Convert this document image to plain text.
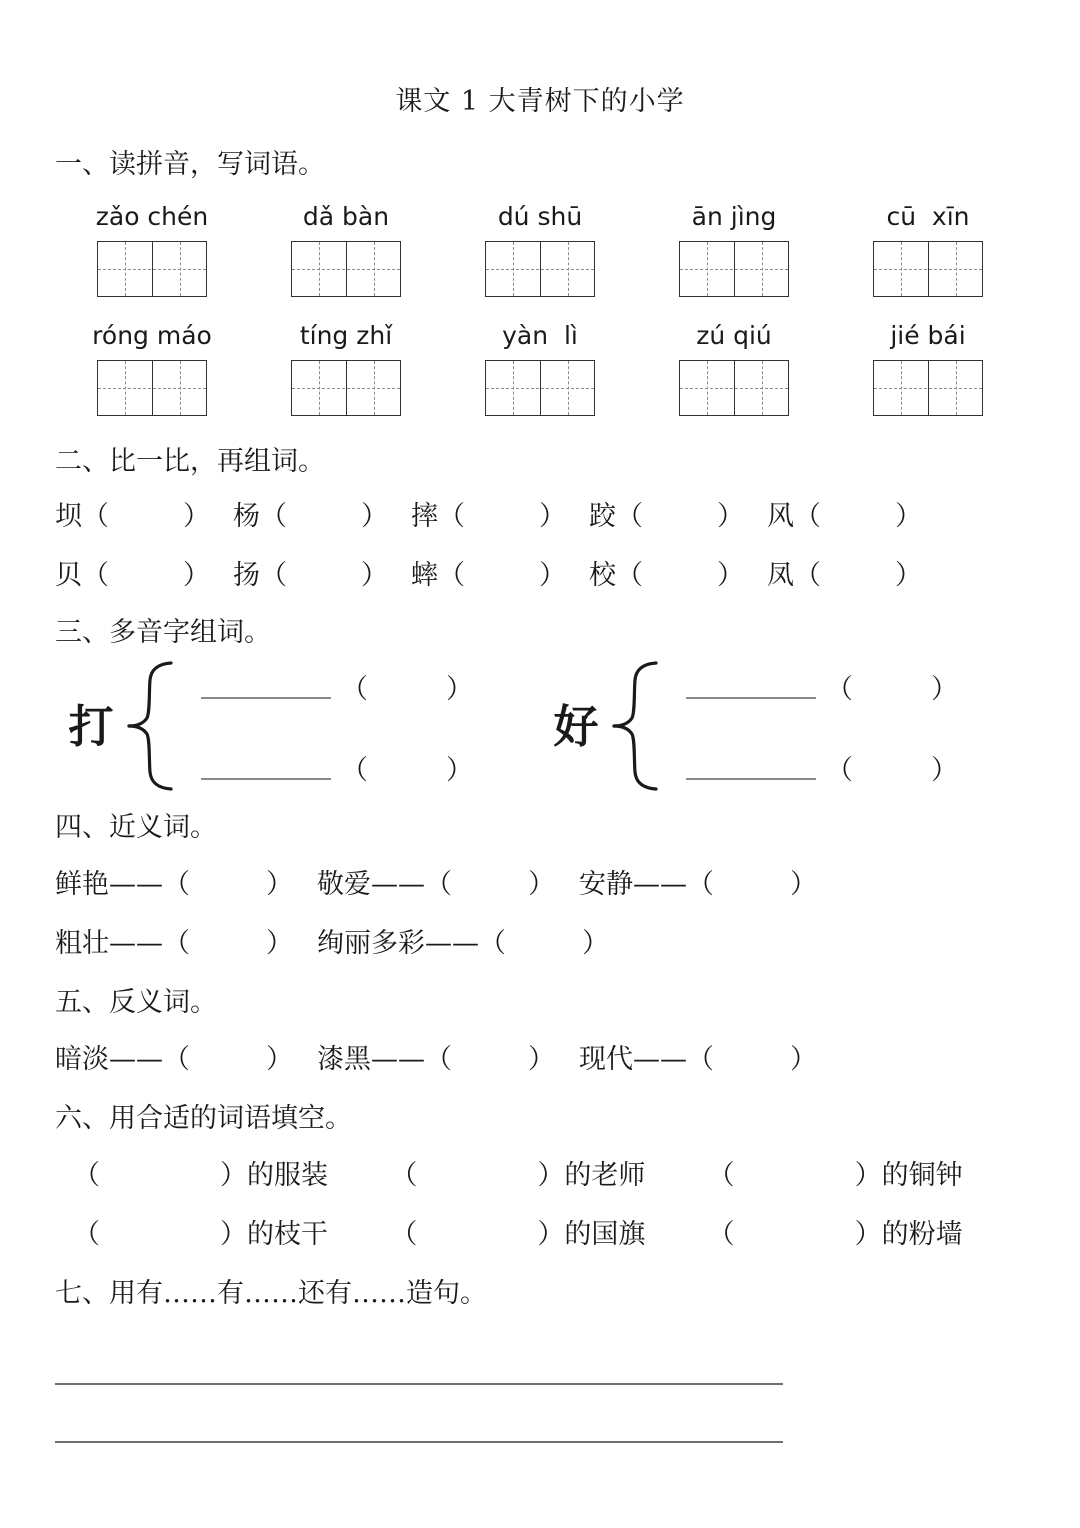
课文 1 大青树下的小学
一、读拼音，写词语。
zǎo chén	dǎ bàn	dú shū	ān jìng	cū  xīn
róng máo	tíng zhǐ	yàn  lì	zú qiú	jié bái
二、比一比，再组词。
坝（	） 杨（	） 摔（	） 跤（	） 风（	）
贝（	） 扬（	） 蟀（	） 校（	） 凤（	）
三、多音字组词。
打
（	）
（	）
好
（	）
（	）
四、近义词。
鲜艳——（	） 敬爱——（	） 安静——（	）
粗壮——（	） 绚丽多彩——（	）
五、反义词。
暗淡——（	） 漆黑——（	） 现代——（	）
六、用合适的词语填空。
（	）的服装	（	）的老师	（	）的铜钟
（	）的枝干	（	）的国旗	（	）的粉墙
七、用有……有……还有……造句。
